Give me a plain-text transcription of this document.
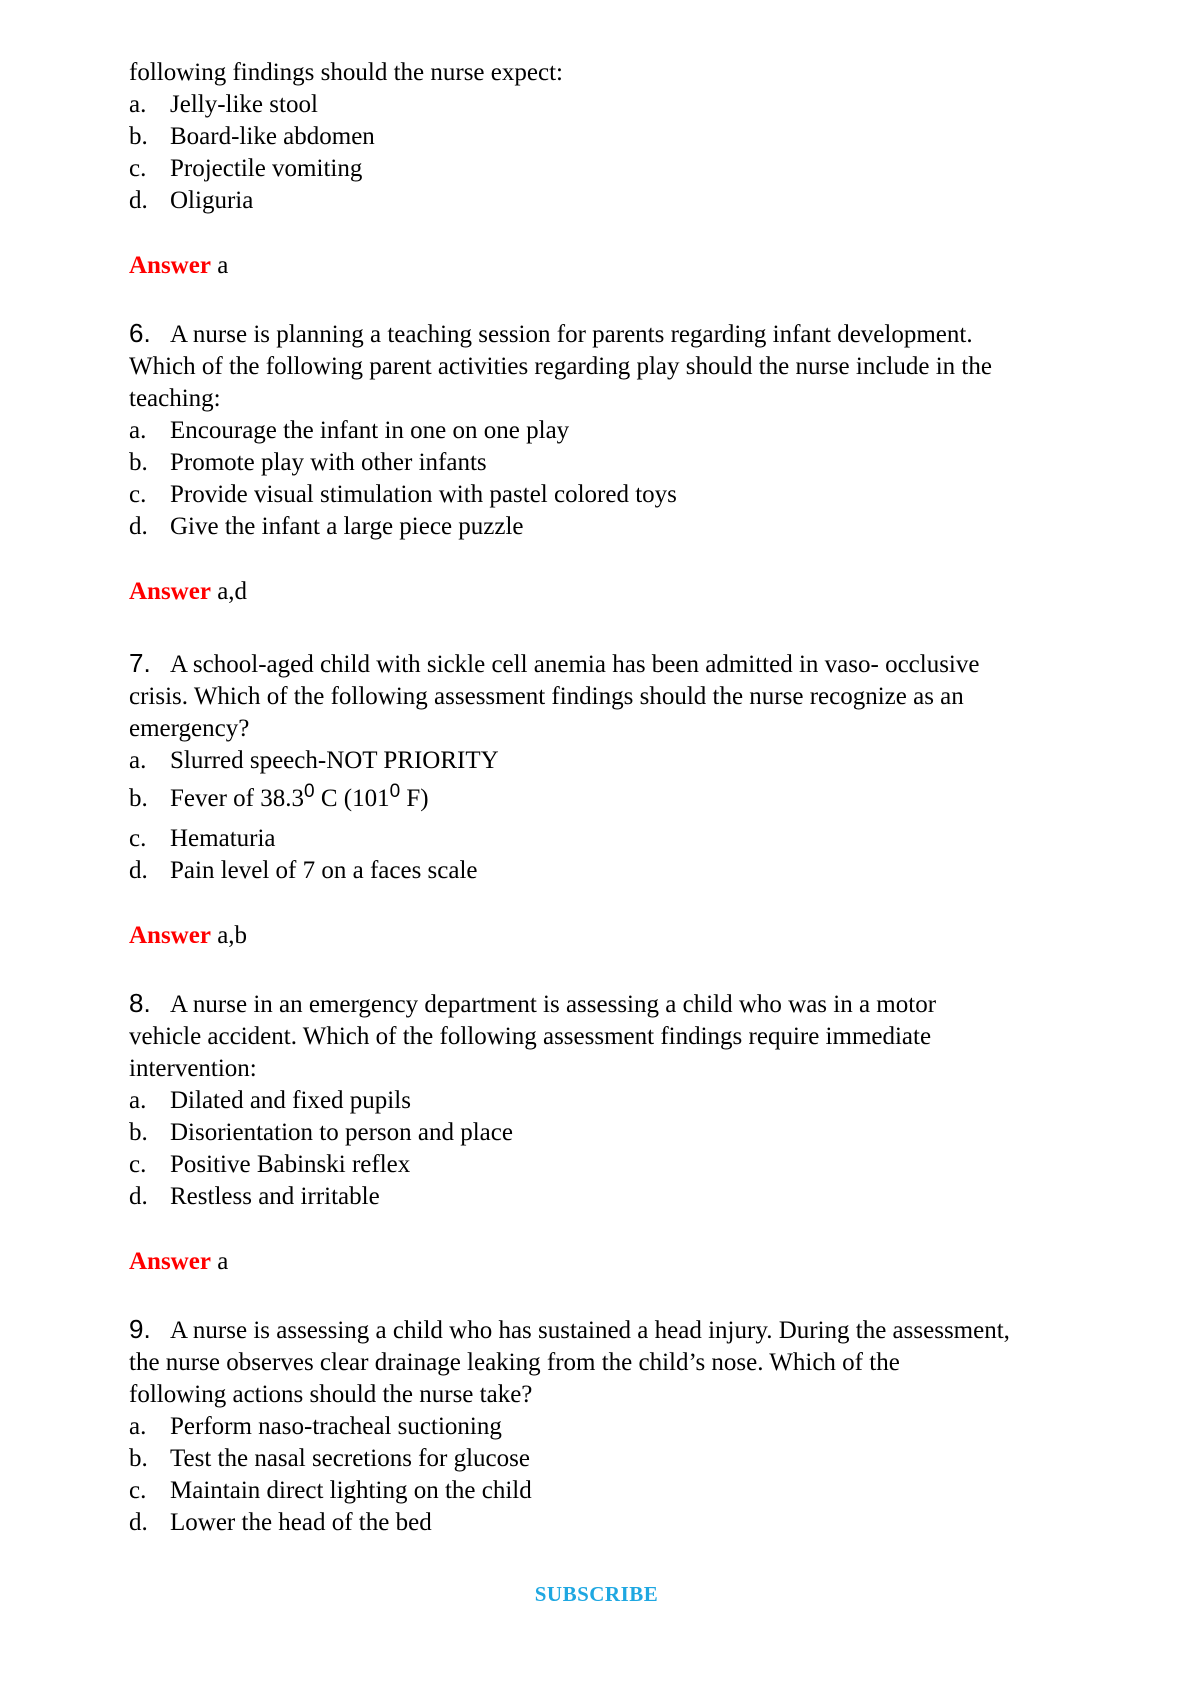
following findings should the nurse expect:

a. Jelly-like stool

b. Board-like abdomen

c. Projectile vomiting

d. Oliguria

Answer a

6. A nurse is planning a teaching session for parents regarding infant development.

Which of the following parent activities regarding play should the nurse include in the

teaching:

a. Encourage the infant in one on one play

b. Promote play with other infants

c. Provide visual stimulation with pastel colored toys

d. Give the infant a large piece puzzle

Answer a,d

7. A school-aged child with sickle cell anemia has been admitted in vaso- occlusive

crisis. Which of the following assessment findings should the nurse recognize as an

emergency?

a. Slurred speech-NOT PRIORITY

b. Fever of 38.3$^0$ C ($101^0$ F)

c. Hematuria

d. Pain level of 7 on a faces scale

Answer a,b

8. A nurse in an emergency department is assessing a child who was in a motor

vehicle accident. Which of the following assessment findings require immediate

intervention:

a. Dilated and fixed pupils

b. Disorientation to person and place

c. Positive Babinski reflex

d. Restless and irritable

Answer a

9. A nurse is assessing a child who has sustained a head injury. During the assessment,

the nurse observes clear drainage leaking from the child’s nose. Which of the

following actions should the nurse take?

a. Perform naso-tracheal suctioning

b. Test the nasal secretions for glucose

c. Maintain direct lighting on the child

d. Lower the head of the bed

SUBSCRIBE
